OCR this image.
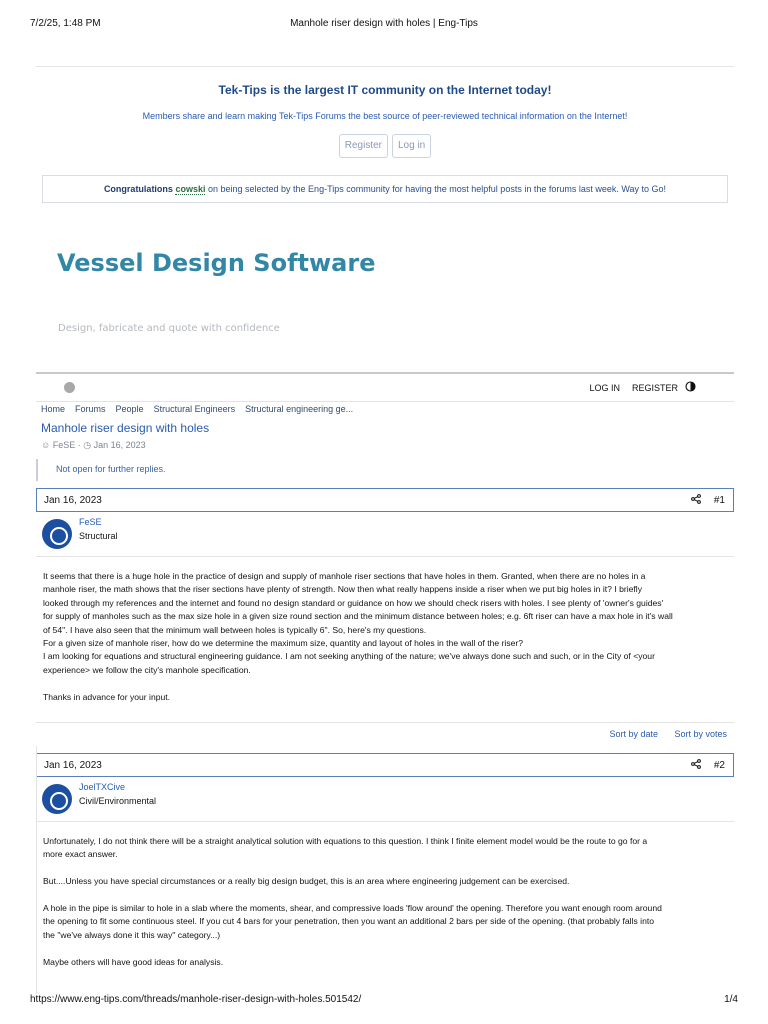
7/2/25, 1:48 PM	Manhole riser design with holes | Eng-Tips
Tek-Tips is the largest IT community on the Internet today!
Members share and learn making Tek-Tips Forums the best source of peer-reviewed technical information on the Internet!
Register	Log in
Congratulations cowski on being selected by the Eng-Tips community for having the most helpful posts in the forums last week. Way to Go!
Vessel Design Software
Design, fabricate and quote with confidence
LOG IN REGISTER
Home Forums People Structural Engineers Structural engineering ge...
Manhole riser design with holes
☺ FeSE · ◷ Jan 16, 2023
Not open for further replies.
Jan 16, 2023	#1
FeSE
Structural

It seems that there is a huge hole in the practice of design and supply of manhole riser sections that have holes in them. Granted, when there are no holes in a

manhole riser, the math shows that the riser sections have plenty of strength. Now then what really happens inside a riser when we put big holes in it? I briefly

looked through my references and the internet and found no design standard or guidance on how we should check risers with holes. I see plenty of 'owner's guides'

for supply of manholes such as the max size hole in a given size round section and the minimum distance between holes; e.g. 6ft riser can have a max hole in it's wall

of 54". I have also seen that the minimum wall between holes is typically 6". So, here's my questions.

For a given size of manhole riser, how do we determine the maximum size, quantity and layout of holes in the wall of the riser?

I am looking for equations and structural engineering guidance. I am not seeking anything of the nature; we've always done such and such, or in the City of <your

experience> we follow the city's manhole specification.

Thanks in advance for your input.

Sort by date Sort by votes
Jan 16, 2023	#2
JoelTXCive
Civil/Environmental

Unfortunately, I do not think there will be a straight analytical solution with equations to this question. I think I finite element model would be the route to go for a

more exact answer.

But....Unless you have special circumstances or a really big design budget, this is an area where engineering judgement can be exercised.

A hole in the pipe is similar to hole in a slab where the moments, shear, and compressive loads 'flow around' the opening. Therefore you want enough room around

the opening to fit some continuous steel. If you cut 4 bars for your penetration, then you want an additional 2 bars per side of the opening. (that probably falls into

the "we've always done it this way" category...)

Maybe others will have good ideas for analysis.

https://www.eng-tips.com/threads/manhole-riser-design-with-holes.501542/	1/4
